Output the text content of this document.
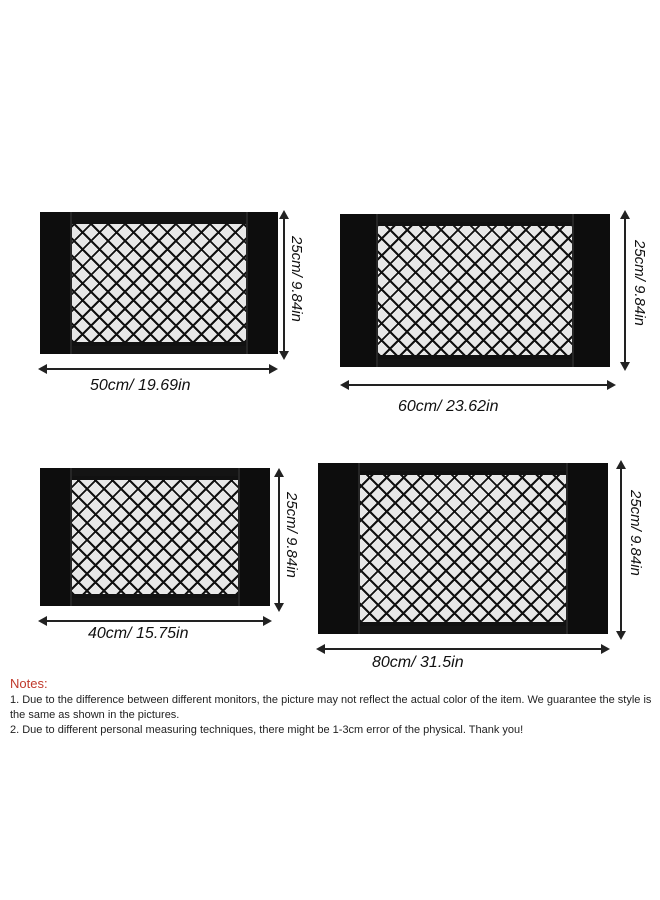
25cm/ 9.84in
50cm/ 19.69in
25cm/ 9.84in
60cm/ 23.62in
25cm/ 9.84in
40cm/ 15.75in
25cm/ 9.84in
80cm/ 31.5in
Notes:
1. Due to the difference between different monitors, the picture may not reflect the actual color of the item. We guarantee the style is the same as shown in the pictures.
2. Due to different personal measuring techniques, there might be 1-3cm error of the physical. Thank you!
